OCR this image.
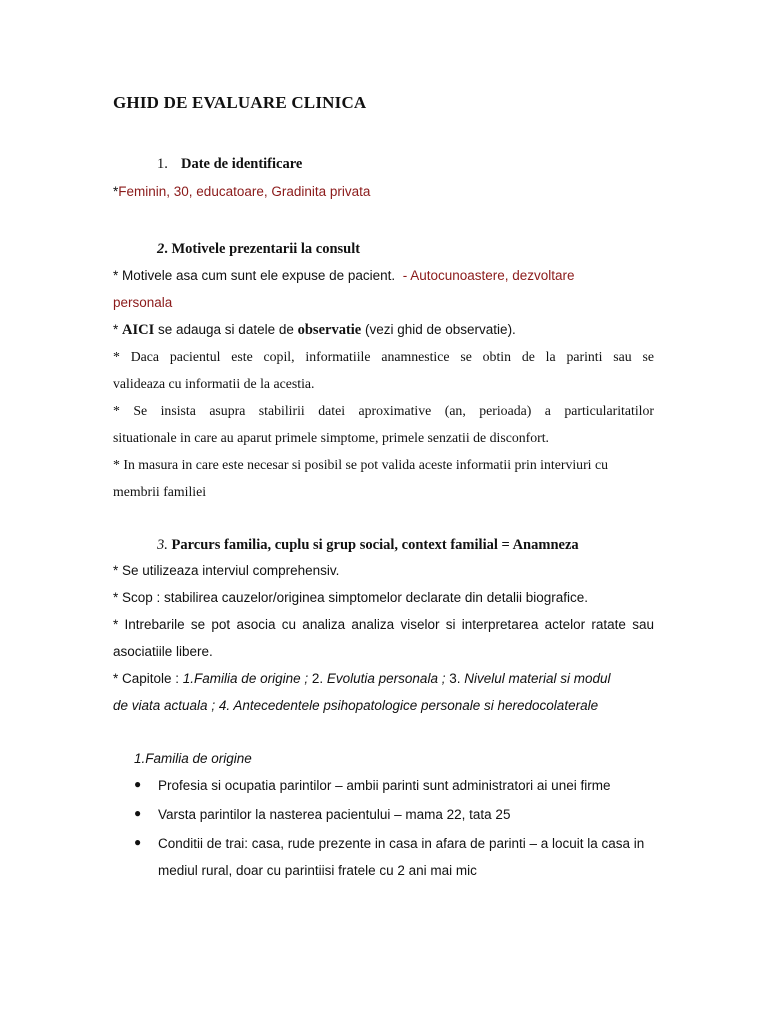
GHID DE EVALUARE CLINICA
1. Date de identificare
*Feminin, 30, educatoare, Gradinita privata
2. Motivele prezentarii la consult
* Motivele asa cum sunt ele expuse de pacient. - Autocunoastere, dezvoltare
personala
* AICI se adauga si datele de observatie (vezi ghid de observatie).
* Daca pacientul este copil, informatiile anamnestice se obtin de la parinti sau se
valideaza cu informatii de la acestia.
* Se insista asupra stabilirii datei aproximative (an, perioada) a particularitatilor
situationale in care au aparut primele simptome, primele senzatii de disconfort.
* In masura in care este necesar si posibil se pot valida aceste informatii prin interviuri cu
membrii familiei
3. Parcurs familia, cuplu si grup social, context familial = Anamneza
* Se utilizeaza interviul comprehensiv.
* Scop : stabilirea cauzelor/originea simptomelor declarate din detalii biografice.
* Intrebarile se pot asocia cu analiza analiza viselor si interpretarea actelor ratate sau
asociatiile libere.
* Capitole : 1.Familia de origine ; 2. Evolutia personala ; 3. Nivelul material si modul
de viata actuala ; 4. Antecedentele psihopatologice personale si heredocolaterale
1.Familia de origine
● Profesia si ocupatia parintilor – ambii parinti sunt administratori ai unei firme
● Varsta parintilor la nasterea pacientului – mama 22, tata 25
● Conditii de trai: casa, rude prezente in casa in afara de parinti – a locuit la casa in
mediul rural, doar cu parintiisi fratele cu 2 ani mai mic
